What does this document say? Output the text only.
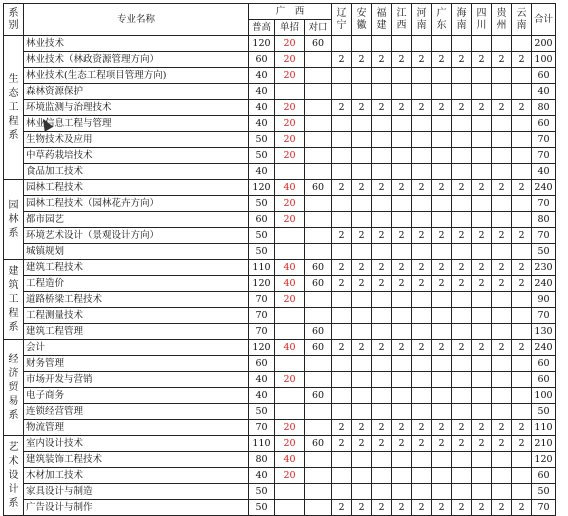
系别	专业名称	广　西			辽宁	安徽	福建	江西	河南	广东	海南	四川	贵州	云南	合计
		普高	单招	对口											
生态工程系	林业技术	120	20	60											200
	林业技术（林政资源管理方向）	60	20		2	2	2	2	2	2	2	2	2	2	100
	林业技术(生态工程项目管理方向)	40	20												60
	森林资源保护	40													40
	环境监测与治理技术	40	20		2	2	2	2	2	2	2	2	2	2	80
	林业信息工程与管理	40	20												60
	生物技术及应用	50	20												70
	中草药栽培技术	50	20												70
	食品加工技术	40													40
园林系	园林工程技术	120	40	60	2	2	2	2	2	2	2	2	2	2	240
	园林工程技术（园林花卉方向）	50	20												70
	都市园艺	60	20												80
	环境艺术设计（景观设计方向）	50			2	2	2	2	2	2	2	2	2	2	70
	城镇规划	50													50
建筑工程系	建筑工程技术	110	40	60	2	2	2	2	2	2	2	2	2	2	230
	工程造价	120	40	60	2	2	2	2	2	2	2	2	2	2	240
	道路桥梁工程技术	70	20												90
	工程测量技术	70													70
	建筑工程管理	70		60											130
经济贸易系	会计	120	40	60	2	2	2	2	2	2	2	2	2	2	240
	财务管理	60													60
	市场开发与营销	40	20												60
	电子商务	40		60											100
	连锁经营管理	50													50
	物流管理	70	20		2	2	2	2	2	2	2	2	2	2	110
艺术设计系	室内设计技术	110	20	60	2	2	2	2	2	2	2	2	2	2	210
	建筑装饰工程技术	80	40												120
	木材加工技术	40	20												60
	家具设计与制造	50													50
	广告设计与制作	50			2	2	2	2	2	2	2	2	2	2	70
